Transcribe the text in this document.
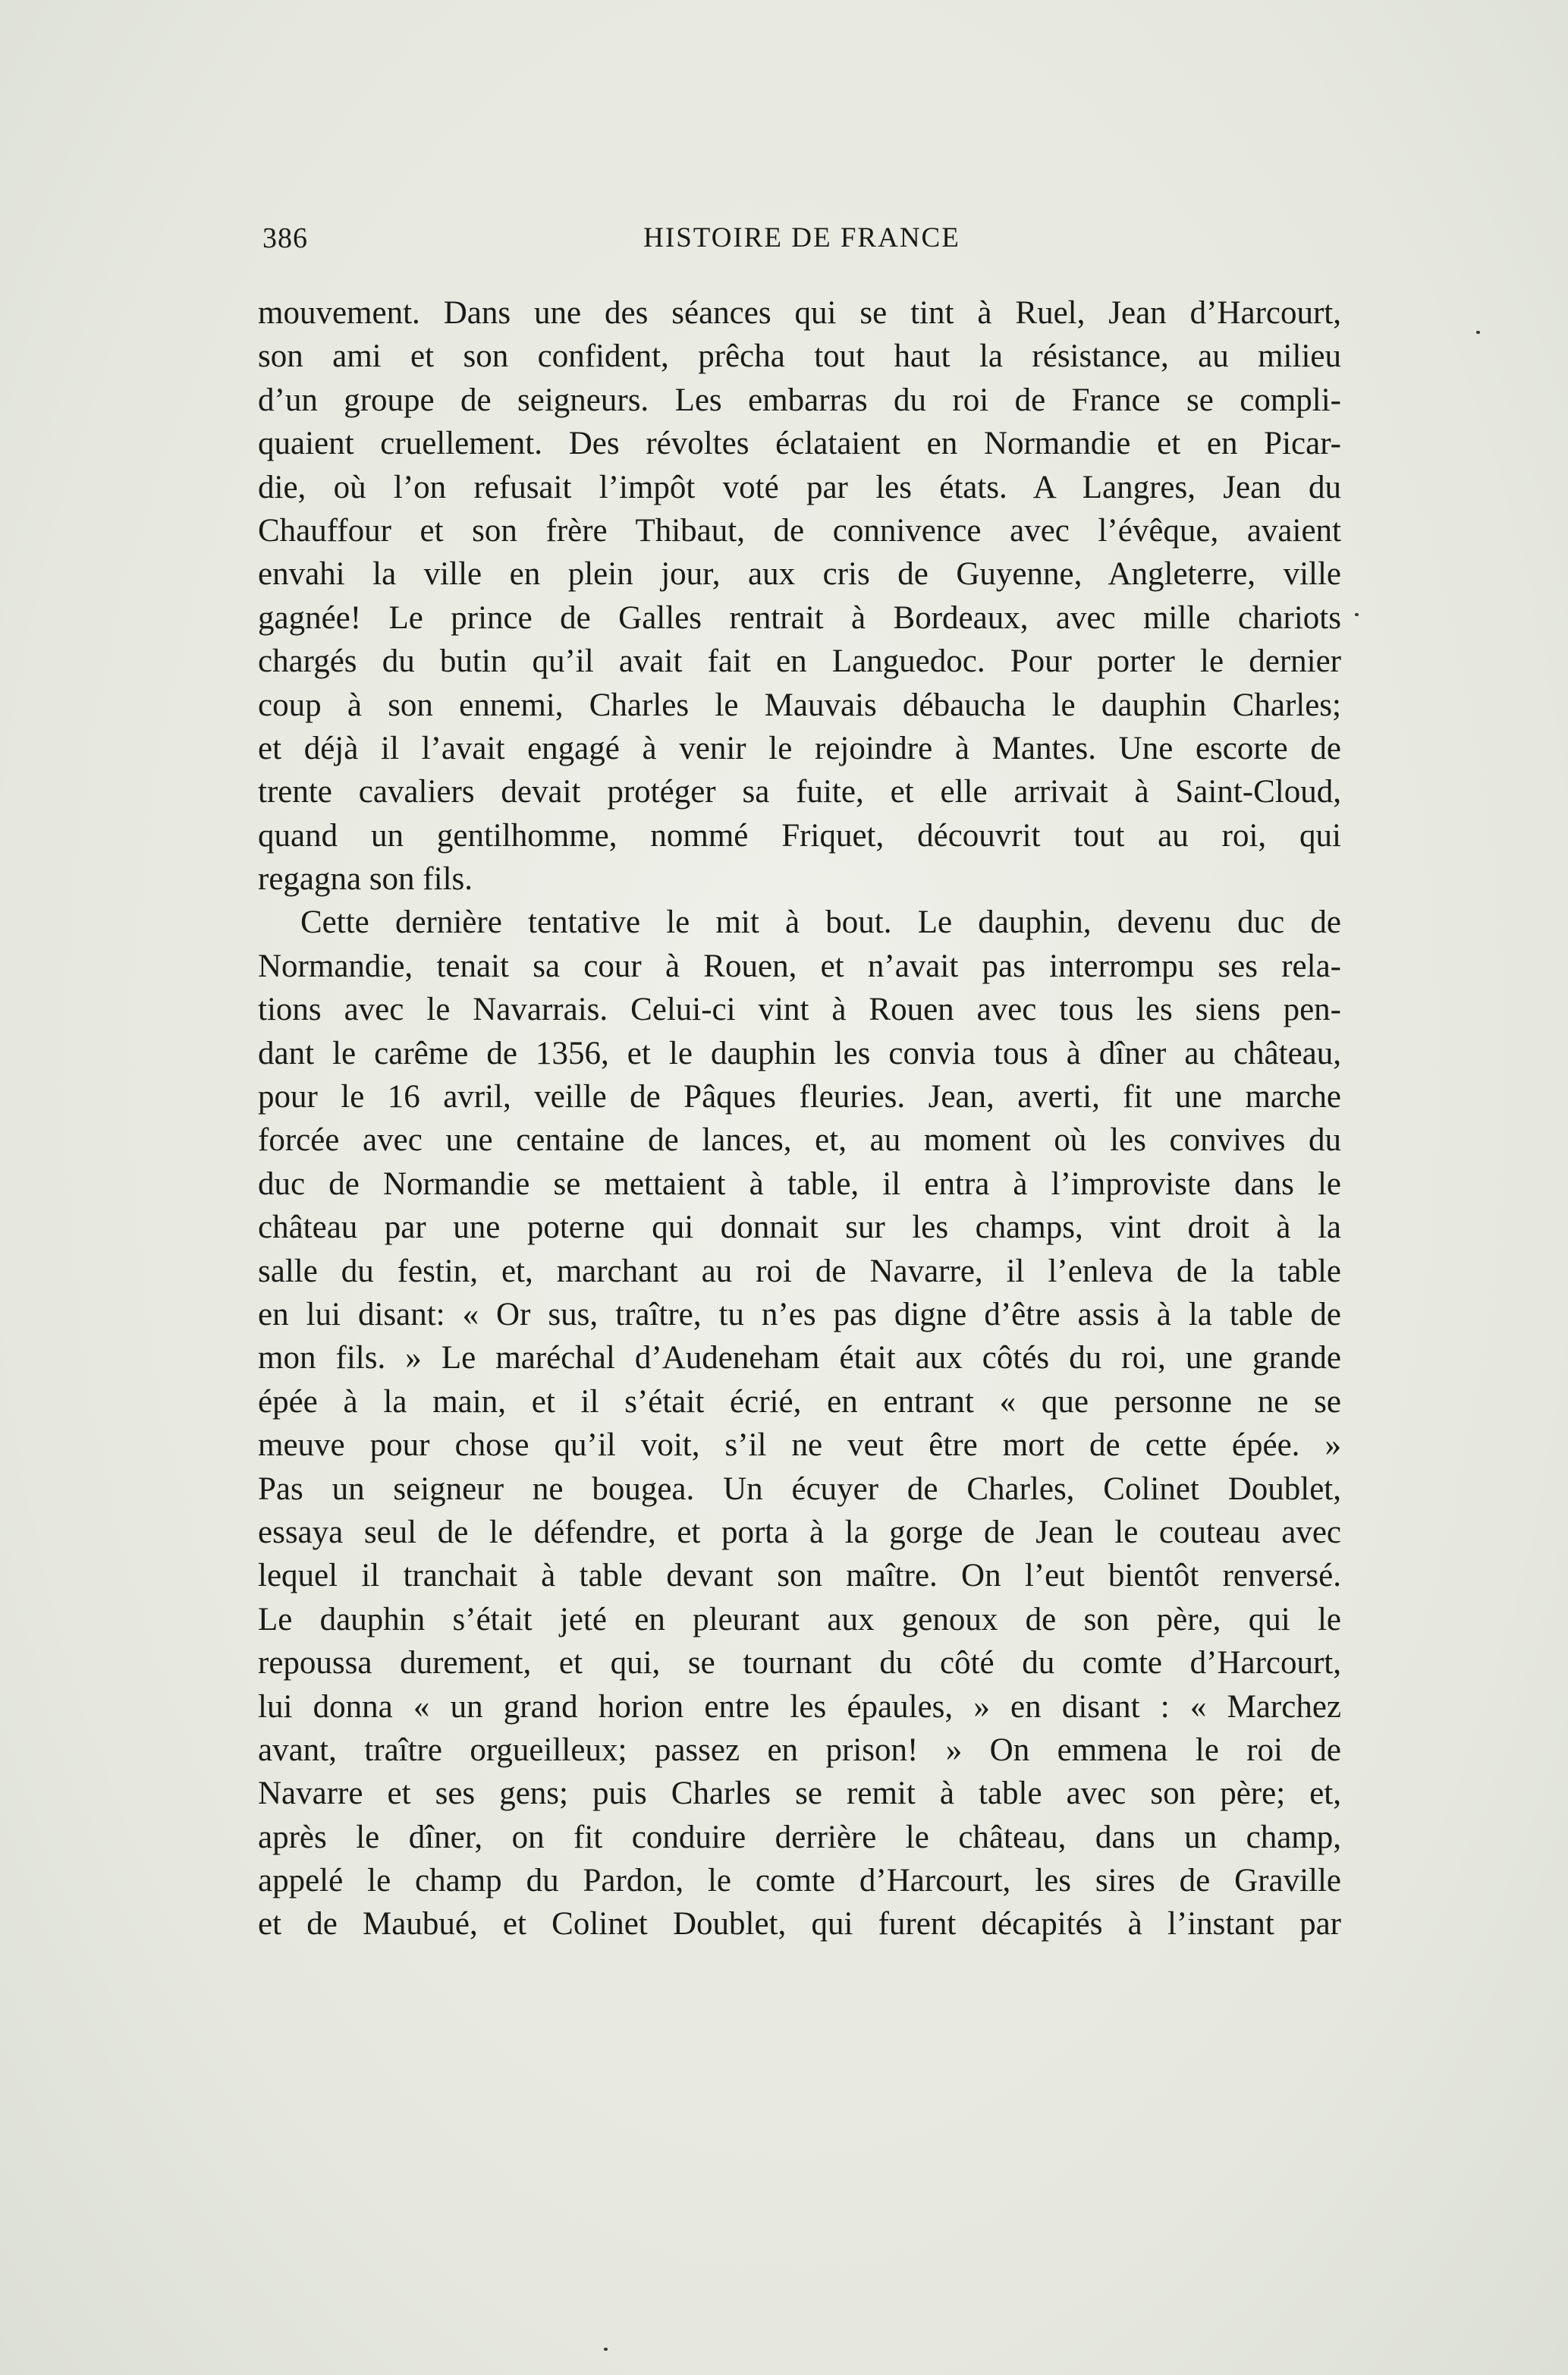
386	HISTOIRE DE FRANCE
mouvement. Dans une des séances qui se tint à Ruel, Jean d’Harcourt,
son ami et son confident, prêcha tout haut la résistance, au milieu
d’un groupe de seigneurs. Les embarras du roi de France se compli-
quaient cruellement. Des révoltes éclataient en Normandie et en Picar-
die, où l’on refusait l’impôt voté par les états. A Langres, Jean du
Chauffour et son frère Thibaut, de connivence avec l’évêque, avaient
envahi la ville en plein jour, aux cris de Guyenne, Angleterre, ville
gagnée! Le prince de Galles rentrait à Bordeaux, avec mille chariots
chargés du butin qu’il avait fait en Languedoc. Pour porter le dernier
coup à son ennemi, Charles le Mauvais débaucha le dauphin Charles;
et déjà il l’avait engagé à venir le rejoindre à Mantes. Une escorte de
trente cavaliers devait protéger sa fuite, et elle arrivait à Saint-Cloud,
quand un gentilhomme, nommé Friquet, découvrit tout au roi, qui
regagna son fils.
Cette dernière tentative le mit à bout. Le dauphin, devenu duc de
Normandie, tenait sa cour à Rouen, et n’avait pas interrompu ses rela-
tions avec le Navarrais. Celui-ci vint à Rouen avec tous les siens pen-
dant le carême de 1356, et le dauphin les convia tous à dîner au château,
pour le 16 avril, veille de Pâques fleuries. Jean, averti, fit une marche
forcée avec une centaine de lances, et, au moment où les convives du
duc de Normandie se mettaient à table, il entra à l’improviste dans le
château par une poterne qui donnait sur les champs, vint droit à la
salle du festin, et, marchant au roi de Navarre, il l’enleva de la table
en lui disant: « Or sus, traître, tu n’es pas digne d’être assis à la table de
mon fils. » Le maréchal d’Audeneham était aux côtés du roi, une grande
épée à la main, et il s’était écrié, en entrant « que personne ne se
meuve pour chose qu’il voit, s’il ne veut être mort de cette épée. »
Pas un seigneur ne bougea. Un écuyer de Charles, Colinet Doublet,
essaya seul de le défendre, et porta à la gorge de Jean le couteau avec
lequel il tranchait à table devant son maître. On l’eut bientôt renversé.
Le dauphin s’était jeté en pleurant aux genoux de son père, qui le
repoussa durement, et qui, se tournant du côté du comte d’Harcourt,
lui donna « un grand horion entre les épaules, » en disant : « Marchez
avant, traître orgueilleux; passez en prison! » On emmena le roi de
Navarre et ses gens; puis Charles se remit à table avec son père; et,
après le dîner, on fit conduire derrière le château, dans un champ,
appelé le champ du Pardon, le comte d’Harcourt, les sires de Graville
et de Maubué, et Colinet Doublet, qui furent décapités à l’instant par
